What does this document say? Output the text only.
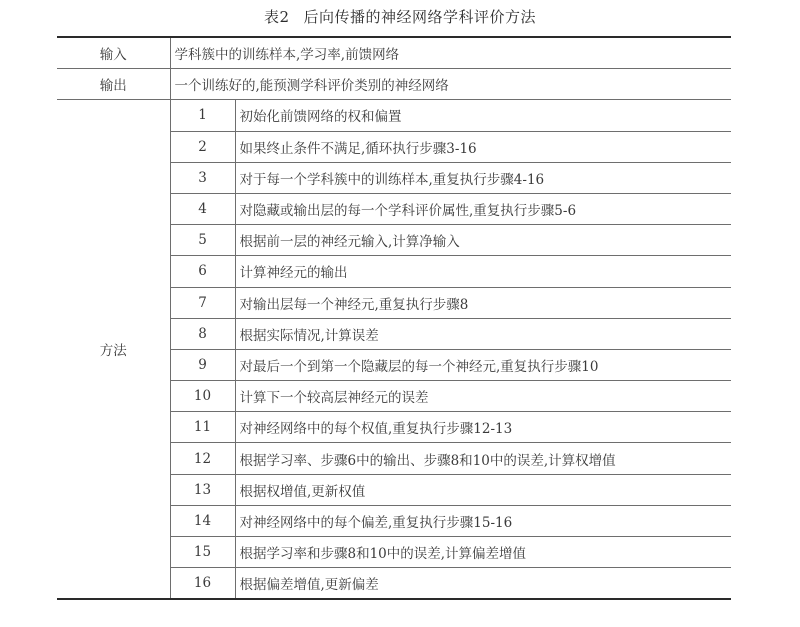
表2 后向传播的神经网络学科评价方法
输入	学科簇中的训练样本,学习率,前馈网络	
输出	一个训练好的,能预测学科评价类别的神经网络	
方法	1	初始化前馈网络的权和偏置
	2	如果终止条件不满足,循环执行步骤3-16
	3	对于每一个学科簇中的训练样本,重复执行步骤4-16
	4	对隐藏或输出层的每一个学科评价属性,重复执行步骤5-6
	5	根据前一层的神经元输入,计算净输入
	6	计算神经元的输出
	7	对输出层每一个神经元,重复执行步骤8
	8	根据实际情况,计算误差
	9	对最后一个到第一个隐藏层的每一个神经元,重复执行步骤10
	10	计算下一个较高层神经元的误差
	11	对神经网络中的每个权值,重复执行步骤12-13
	12	根据学习率、步骤6中的输出、步骤8和10中的误差,计算权增值
	13	根据权增值,更新权值
	14	对神经网络中的每个偏差,重复执行步骤15-16
	15	根据学习率和步骤8和10中的误差,计算偏差增值
	16	根据偏差增值,更新偏差
